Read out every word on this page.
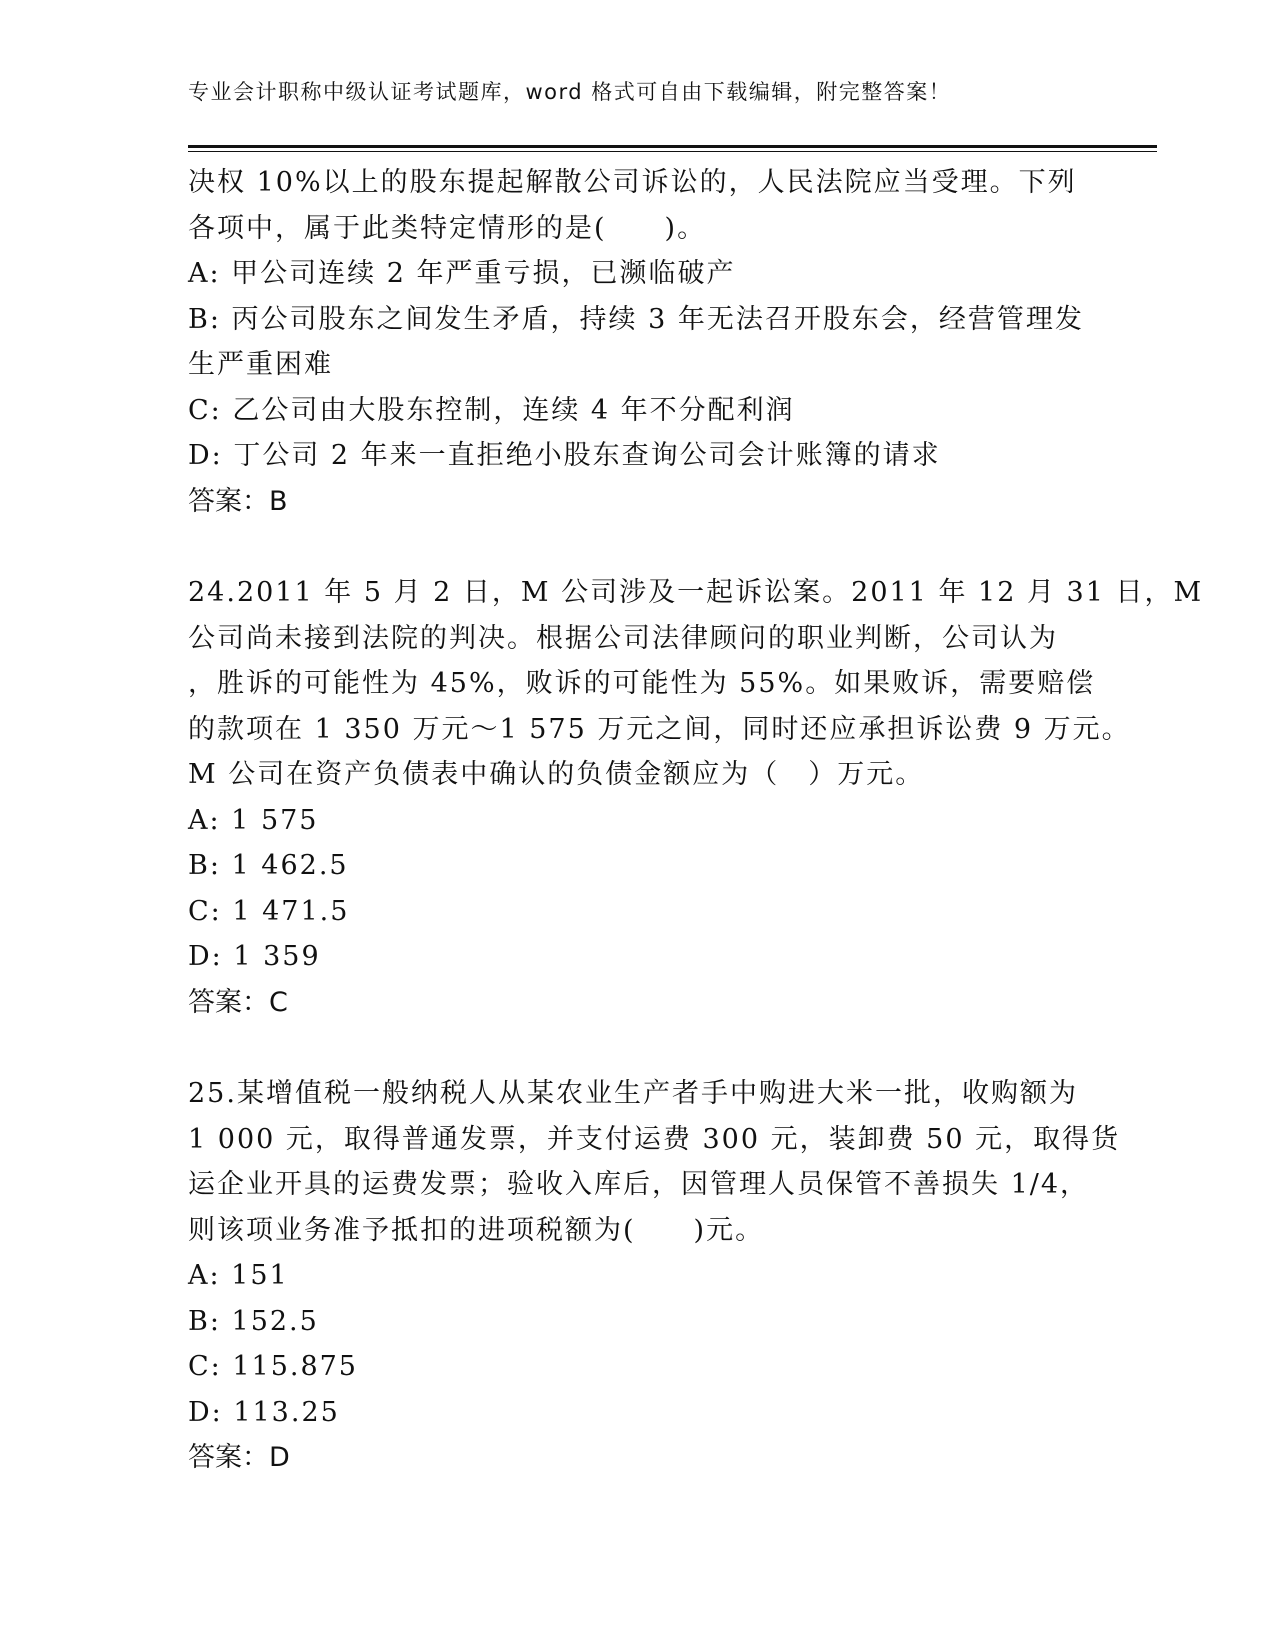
专业会计职称中级认证考试题库，word 格式可自由下载编辑，附完整答案！
决权 10%以上的股东提起解散公司诉讼的，人民法院应当受理。下列
各项中，属于此类特定情形的是(　　)。
A: 甲公司连续 2 年严重亏损，已濒临破产
B: 丙公司股东之间发生矛盾，持续 3 年无法召开股东会，经营管理发
生严重困难
C: 乙公司由大股东控制，连续 4 年不分配利润
D: 丁公司 2 年来一直拒绝小股东查询公司会计账簿的请求
答案：B
24.2011 年 5 月 2 日，M 公司涉及一起诉讼案。2011 年 12 月 31 日，M
公司尚未接到法院的判决。根据公司法律顾问的职业判断，公司认为
，胜诉的可能性为 45%，败诉的可能性为 55%。如果败诉，需要赔偿
的款项在 1 350 万元～1 575 万元之间，同时还应承担诉讼费 9 万元。
M 公司在资产负债表中确认的负债金额应为（　）万元。
A: 1 575
B: 1 462.5
C: 1 471.5
D: 1 359
答案：C
25.某增值税一般纳税人从某农业生产者手中购进大米一批，收购额为
1 000 元，取得普通发票，并支付运费 300 元，装卸费 50 元，取得货
运企业开具的运费发票；验收入库后，因管理人员保管不善损失 1/4，
则该项业务准予抵扣的进项税额为(　　)元。
A: 151
B: 152.5
C: 115.875
D: 113.25
答案：D
